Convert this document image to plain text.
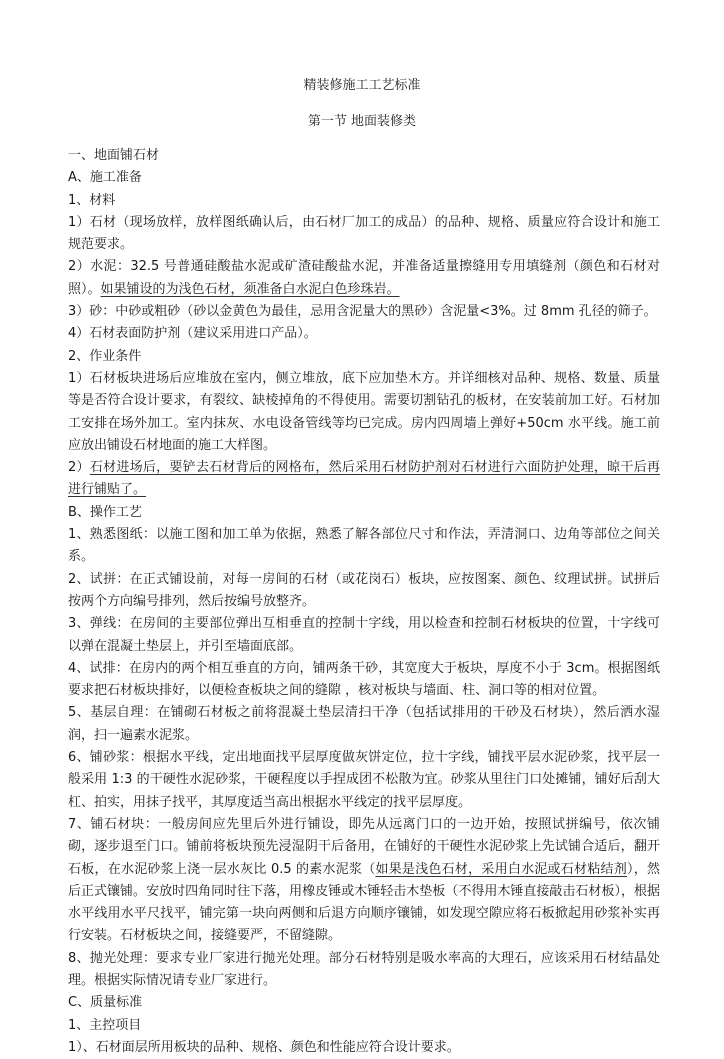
精装修施工工艺标准
第一节 地面装修类

一、地面铺石材

A、施工准备

1、材料

1）石材（现场放样，放样图纸确认后，由石材厂加工的成品）的品种、规格、质量应符合设计和施工规范要求。

2）水泥：32.5 号普通硅酸盐水泥或矿渣硅酸盐水泥，并准备适量擦缝用专用填缝剂（颜色和石材对照）。如果铺设的为浅色石材，须准备白水泥白色珍珠岩。

3）砂：中砂或粗砂（砂以金黄色为最佳，忌用含泥量大的黑砂）含泥量<3%。过 8mm 孔径的筛子。

4）石材表面防护剂（建议采用进口产品）。

2、作业条件

1）石材板块进场后应堆放在室内，侧立堆放，底下应加垫木方。并详细核对品种、规格、数量、质量等是否符合设计要求，有裂纹、缺棱掉角的不得使用。需要切割钻孔的板材，在安装前加工好。石材加工安排在场外加工。室内抹灰、水电设备管线等均已完成。房内四周墙上弹好+50cm 水平线。施工前应放出铺设石材地面的施工大样图。

2）石材进场后，要铲去石材背后的网格布，然后采用石材防护剂对石材进行六面防护处理，晾干后再进行铺贴了。

B、操作工艺

1、熟悉图纸：以施工图和加工单为依据，熟悉了解各部位尺寸和作法，弄清洞口、边角等部位之间关系。

2、试拼：在正式铺设前，对每一房间的石材（或花岗石）板块，应按图案、颜色、纹理试拼。试拼后按两个方向编号排列，然后按编号放整齐。

3、弹线：在房间的主要部位弹出互相垂直的控制十字线，用以检查和控制石材板块的位置，十字线可以弹在混凝土垫层上，并引至墙面底部。

4、试排：在房内的两个相互垂直的方向，铺两条干砂，其宽度大于板块，厚度不小于 3cm。根据图纸要求把石材板块排好，以便检查板块之间的缝隙 ，核对板块与墙面、柱、洞口等的相对位置。

5、基层自理：在铺砌石材板之前将混凝土垫层清扫干净（包括试排用的干砂及石材块），然后洒水湿润，扫一遍素水泥浆。

6、铺砂浆：根据水平线，定出地面找平层厚度做灰饼定位，拉十字线，铺找平层水泥砂浆，找平层一般采用 1:3 的干硬性水泥砂浆，干硬程度以手捏成团不松散为宜。砂浆从里往门口处摊铺，铺好后刮大杠、拍实，用抹子找平，其厚度适当高出根据水平线定的找平层厚度。

7、铺石材块：一般房间应先里后外进行铺设，即先从远离门口的一边开始，按照试拼编号，依次铺砌，逐步退至门口。铺前将板块预先浸湿阴干后备用，在铺好的干硬性水泥砂浆上先试铺合适后，翻开石板，在水泥砂浆上浇一层水灰比 0.5 的素水泥浆（如果是浅色石材，采用白水泥或石材粘结剂），然后正式镶铺。安放时四角同时往下落，用橡皮锤或木锤轻击木垫板（不得用木锤直接敲击石材板），根据水平线用水平尺找平，铺完第一块向两侧和后退方向顺序镶铺，如发现空隙应将石板掀起用砂浆补实再行安装。石材板块之间，接缝要严，不留缝隙。

8、抛光处理：要求专业厂家进行抛光处理。部分石材特别是吸水率高的大理石，应该采用石材结晶处理。根据实际情况请专业厂家进行。

C、质量标准

1、主控项目

1）、石材面层所用板块的品种、规格、颜色和性能应符合设计要求。
